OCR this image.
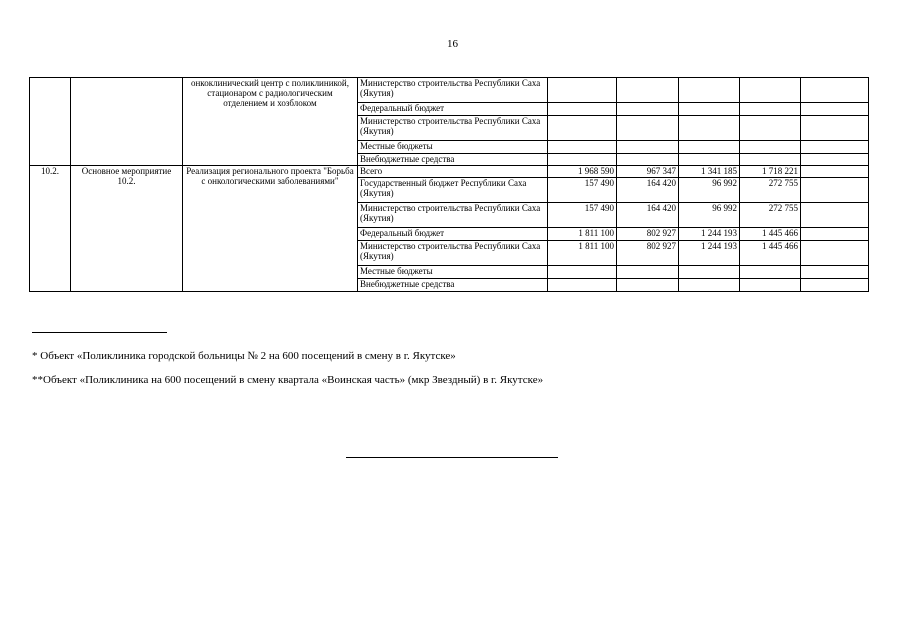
16
		онкоклинический центр с поликлиникой, стационаром с радиологическим отделением и хозблоком	Министерство строительства Республики Саха (Якутия)					
			Федеральный бюджет					
			Министерство строительства Республики Саха (Якутия)					
			Местные бюджеты					
			Внебюджетные средства					
10.2.	Основное мероприятие 10.2.	Реализация регионального проекта "Борьба с онкологическими заболеваниями"	Всего	1 968 590	967 347	1 341 185	1 718 221	
			Государственный бюджет Республики Саха (Якутия)	157 490	164 420	96 992	272 755	
			Министерство строительства Республики Саха (Якутия)	157 490	164 420	96 992	272 755	
			Федеральный бюджет	1 811 100	802 927	1 244 193	1 445 466	
			Министерство строительства Республики Саха (Якутия)	1 811 100	802 927	1 244 193	1 445 466	
			Местные бюджеты					
			Внебюджетные средства					
* Объект «Поликлиника городской больницы № 2 на 600 посещений в смену в г. Якутске»
**Объект «Поликлиника на 600 посещений в смену квартала «Воинская часть» (мкр Звездный) в г. Якутске»
